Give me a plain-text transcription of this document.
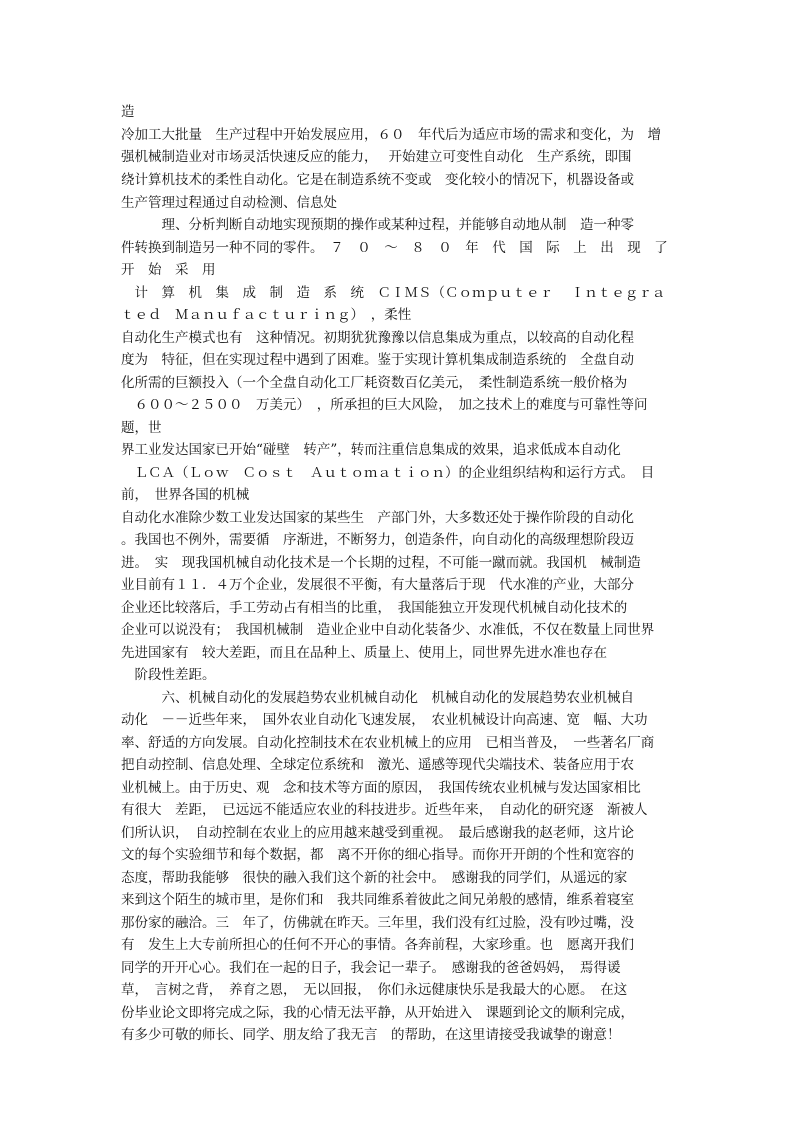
造
冷加工大批量　生产过程中开始发展应用，６０　年代后为适应市场的需求和变化，为　增
强机械制造业对市场灵活快速反应的能力，　 开始建立可变性自动化　生产系统，即围
绕计算机技术的柔性自动化。它是在制造系统不变或　变化较小的情况下，机器设备或
生产管理过程通过自动检测、信息处
　　　理、分析判断自动地实现预期的操作或某种过程，并能够自动地从制　造一种零
件转换到制造另一种不同的零件。　７　０　～　８　０　年　代　国　际　上　出　现　了
开　始　采　用
　计　算　机　集　成　制　造　系　统　ＣＩＭＳ（Ｃｏｍｐｕｔｅｒ　 Ｉｎｔｅｇｒａ
ｔｅｄ　Ｍａｎｕｆａｃｔｕｒｉｎｇ）　，柔性
自动化生产模式也有　这种情况。初期犹犹豫豫以信息集成为重点，以较高的自动化程
度为　特征，但在实现过程中遇到了困难。鉴于实现计算机集成制造系统的　全盘自动
化所需的巨额投入（一个全盘自动化工厂耗资数百亿美元，　柔性制造系统一般价格为
　６００～２５００　万美元）　，所承担的巨大风险，　加之技术上的难度与可靠性等问
题，世
界工业发达国家已开始“碰壁　转产”，转而注重信息集成的效果，追求低成本自动化
　ＬＣＡ（Ｌｏｗ　Ｃｏｓｔ　Ａｕｔｏｍａｔｉｏｎ）的企业组织结构和运行方式。　目
前，　世界各国的机械
自动化水准除少数工业发达国家的某些生　产部门外，大多数还处于操作阶段的自动化
。我国也不例外，需要循　序渐进，不断努力，创造条件，向自动化的高级理想阶段迈
进。　实　现我国机械自动化技术是一个长期的过程，不可能一蹴而就。我国机　械制造
业目前有１１．４万个企业，发展很不平衡，有大量落后于现　代水准的产业，大部分
企业还比较落后，手工劳动占有相当的比重，　我国能独立开发现代机械自动化技术的
企业可以说没有；　我国机械制　造业企业中自动化装备少、水准低，不仅在数量上同世界
先进国家有　较大差距，而且在品种上、质量上、使用上，同世界先进水准也存在
　阶段性差距。
　　　六、机械自动化的发展趋势农业机械自动化　机械自动化的发展趋势农业机械自
动化　－－近些年来，　国外农业自动化飞速发展，　农业机械设计向高速、宽　幅、大功
率、舒适的方向发展。自动化控制技术在农业机械上的应用　已相当普及，　一些著名厂商
把自动控制、信息处理、全球定位系统和　激光、遥感等现代尖端技术、装备应用于农
业机械上。由于历史、观　念和技术等方面的原因，　我国传统农业机械与发达国家相比
有很大　差距，　已远远不能适应农业的科技进步。近些年来，　自动化的研究逐　渐被人
们所认识，　自动控制在农业上的应用越来越受到重视。　最后感谢我的赵老师，这片论
文的每个实验细节和每个数据，都　离不开你的细心指导。而你开开朗的个性和宽容的
态度，帮助我能够　很快的融入我们这个新的社会中。　感谢我的同学们，从遥远的家
来到这个陌生的城市里，是你们和　我共同维系着彼此之间兄弟般的感情，维系着寝室
那份家的融洽。三　年了，仿佛就在昨天。三年里，我们没有红过脸，没有吵过嘴，没
有　发生上大专前所担心的任何不开心的事情。各奔前程，大家珍重。也　愿离开我们
同学的开开心心。我们在一起的日子，我会记一辈子。　感谢我的爸爸妈妈，　焉得谖
草，　言树之背，　养育之恩，　无以回报，　你们永远健康快乐是我最大的心愿。　在这
份毕业论文即将完成之际，我的心情无法平静，从开始进入　课题到论文的顺利完成，
有多少可敬的师长、同学、朋友给了我无言　的帮助，在这里请接受我诚挚的谢意！
